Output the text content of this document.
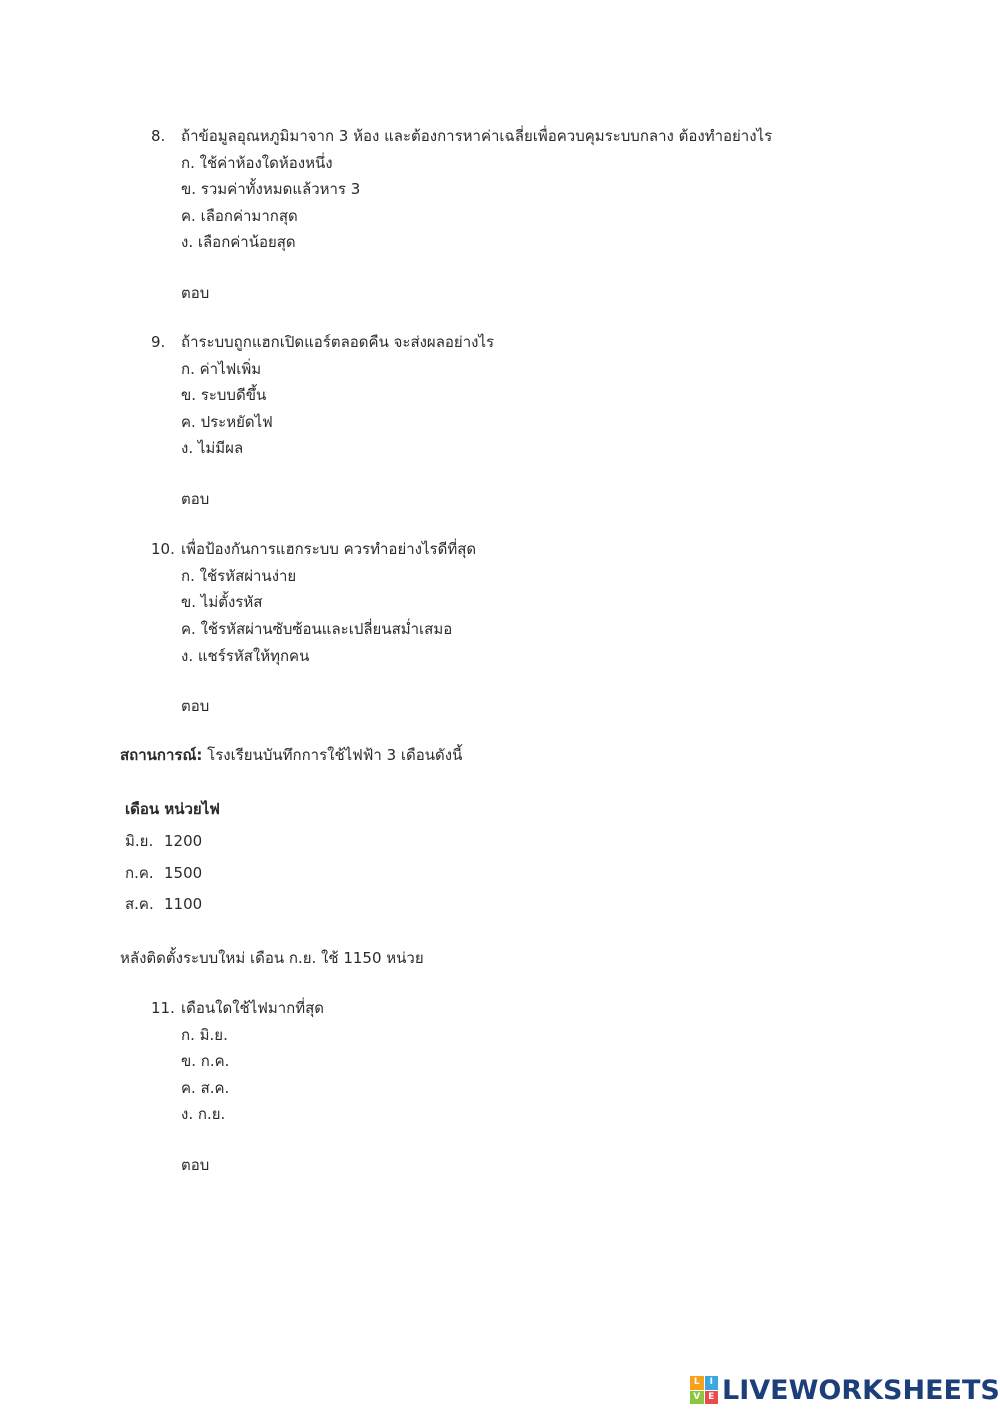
8. ถ้าข้อมูลอุณหภูมิมาจาก 3 ห้อง และต้องการหาค่าเฉลี่ยเพื่อควบคุมระบบกลาง ต้องทำอย่างไร
ก. ใช้ค่าห้องใดห้องหนึ่ง
ข. รวมค่าทั้งหมดแล้วหาร 3
ค. เลือกค่ามากสุด
ง. เลือกค่าน้อยสุด
ตอบ
9. ถ้าระบบถูกแฮกเปิดแอร์ตลอดคืน จะส่งผลอย่างไร
ก. ค่าไฟเพิ่ม
ข. ระบบดีขึ้น
ค. ประหยัดไฟ
ง. ไม่มีผล
ตอบ
10. เพื่อป้องกันการแฮกระบบ ควรทำอย่างไรดีที่สุด
ก. ใช้รหัสผ่านง่าย
ข. ไม่ตั้งรหัส
ค. ใช้รหัสผ่านซับซ้อนและเปลี่ยนสม่ำเสมอ
ง. แชร์รหัสให้ทุกคน
ตอบ
สถานการณ์: โรงเรียนบันทึกการใช้ไฟฟ้า 3 เดือนดังนี้
เดือน หน่วยไฟ
มิ.ย. 1200
ก.ค. 1500
ส.ค. 1100
หลังติดตั้งระบบใหม่ เดือน ก.ย. ใช้ 1150 หน่วย
11. เดือนใดใช้ไฟมากที่สุด
ก. มิ.ย.
ข. ก.ค.
ค. ส.ค.
ง. ก.ย.
ตอบ
L	I
V E LIVEWORKSHEETS
